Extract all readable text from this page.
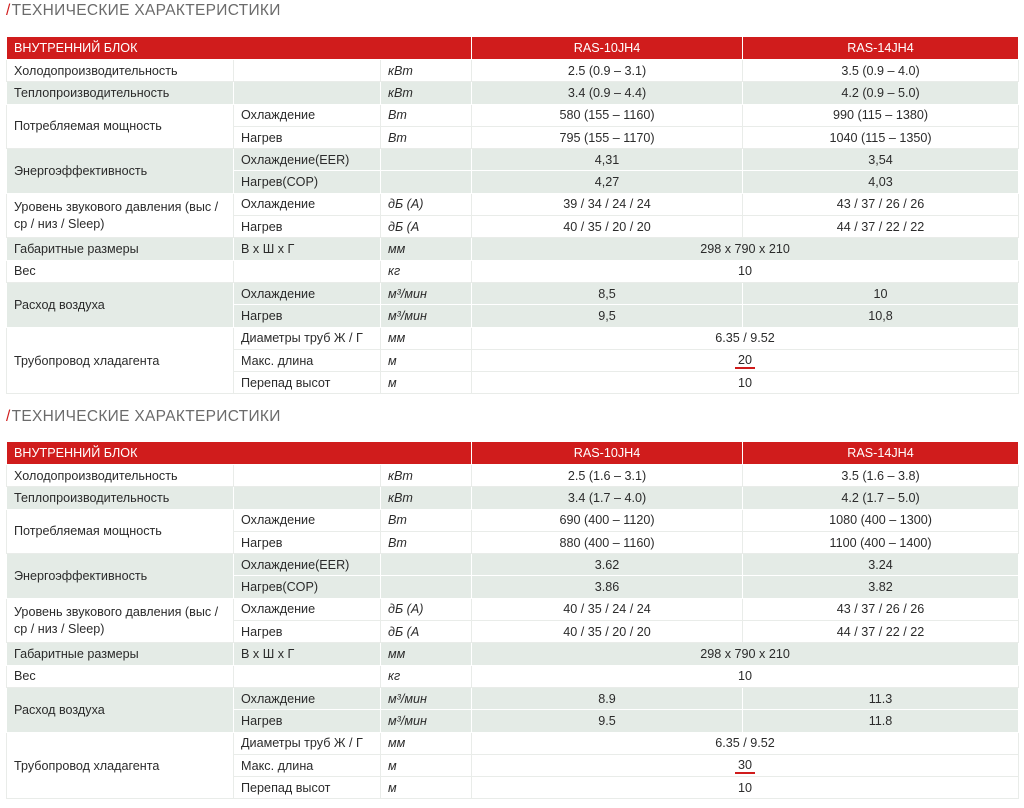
/ТЕХНИЧЕСКИЕ ХАРАКТЕРИСТИКИ
ВНУТРЕННИЙ БЛОК			RAS-10JH4	RAS-14JH4
Холодопроизводительность		кВт	2.5 (0.9 – 3.1)	3.5 (0.9 – 4.0)
Теплопроизводительность		кВт	3.4 (0.9 – 4.4)	4.2 (0.9 – 5.0)
Потребляемая мощность	Охлаждение	Вт	580 (155 – 1160)	990 (115 – 1380)
	Нагрев	Вт	795 (155 – 1170)	1040 (115 – 1350)
Энергоэффективность	Охлаждение(EER)		4,31	3,54
	Нагрев(COP)		4,27	4,03
Уровень звукового давления (выс / ср / низ / Sleep)	Охлаждение	дБ (А)	39 / 34 / 24 / 24	43 / 37 / 26 / 26
	Нагрев	дБ (А	40 / 35 / 20 / 20	44 / 37 / 22 / 22
Габаритные размеры	В х Ш х Г	мм	298 х 790 х 210	
Вес		кг	10	
Расход воздуха	Охлаждение	м³/мин	8,5	10
	Нагрев	м³/мин	9,5	10,8
Трубопровод хладагента	Диаметры труб Ж / Г	мм	6.35 / 9.52	
	Макс. длина	м	20	
	Перепад высот	м	10	
/ТЕХНИЧЕСКИЕ ХАРАКТЕРИСТИКИ
ВНУТРЕННИЙ БЛОК			RAS-10JH4	RAS-14JH4
Холодопроизводительность		кВт	2.5 (1.6 – 3.1)	3.5 (1.6 – 3.8)
Теплопроизводительность		кВт	3.4 (1.7 – 4.0)	4.2 (1.7 – 5.0)
Потребляемая мощность	Охлаждение	Вт	690 (400 – 1120)	1080 (400 – 1300)
	Нагрев	Вт	880 (400 – 1160)	1100 (400 – 1400)
Энергоэффективность	Охлаждение(EER)		3.62	3.24
	Нагрев(COP)		3.86	3.82
Уровень звукового давления (выс / ср / низ / Sleep)	Охлаждение	дБ (А)	40 / 35 / 24 / 24	43 / 37 / 26 / 26
	Нагрев	дБ (А	40 / 35 / 20 / 20	44 / 37 / 22 / 22
Габаритные размеры	В х Ш х Г	мм	298 х 790 х 210	
Вес		кг	10	
Расход воздуха	Охлаждение	м³/мин	8.9	11.3
	Нагрев	м³/мин	9.5	11.8
Трубопровод хладагента	Диаметры труб Ж / Г	мм	6.35 / 9.52	
	Макс. длина	м	30	
	Перепад высот	м	10	
